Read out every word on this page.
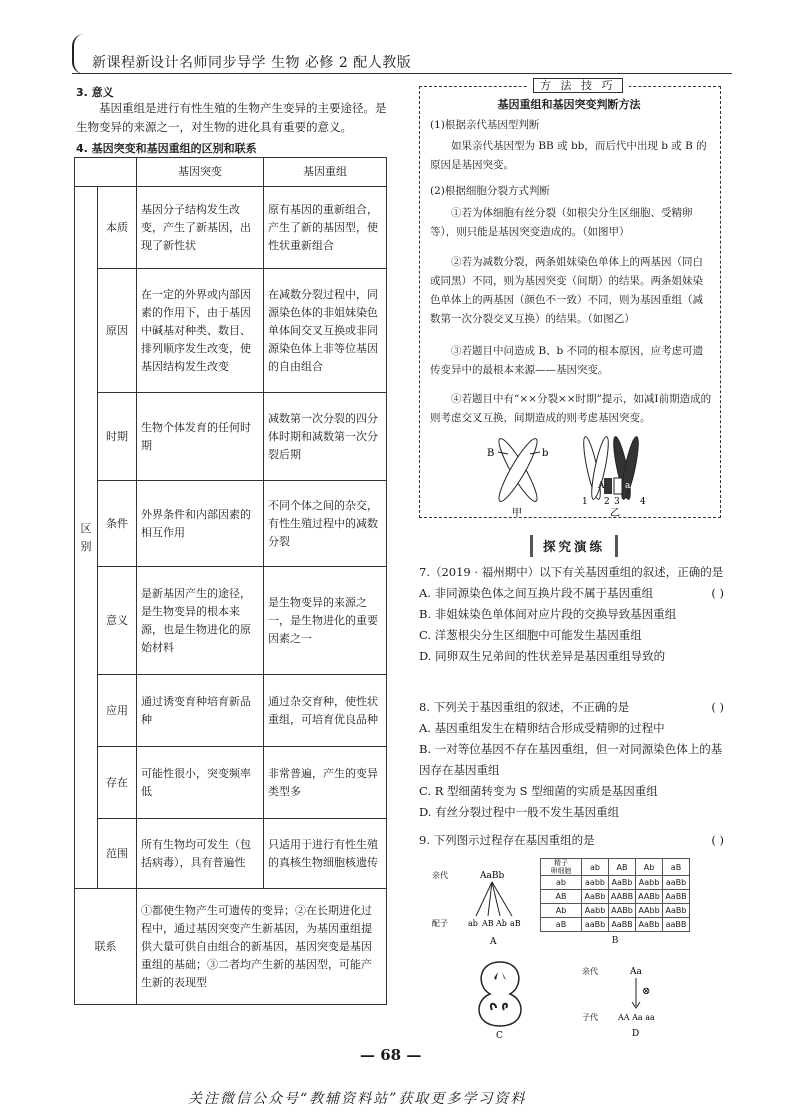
新课程新设计名师同步导学 生物 必修 2 配人教版
3. 意义
基因重组是进行有性生殖的生物产生变异的主要途径。是生物变异的来源之一，对生物的进化具有重要的意义。
4. 基因突变和基因重组的区别和联系
		基因突变	基因重组
区别	本质	基因分子结构发生改变，产生了新基因，出现了新性状	原有基因的重新组合，产生了新的基因型，使性状重新组合
	原因	在一定的外界或内部因素的作用下，由于基因中碱基对种类、数目、排列顺序发生改变，使基因结构发生改变	在减数分裂过程中，同源染色体的非姐妹染色单体间交叉互换或非同源染色体上非等位基因的自由组合
	时期	生物个体发育的任何时期	减数第一次分裂的四分体时期和减数第一次分裂后期
	条件	外界条件和内部因素的相互作用	不同个体之间的杂交，有性生殖过程中的减数分裂
	意义	是新基因产生的途径，是生物变异的根本来源，也是生物进化的原始材料	是生物变异的来源之一，是生物进化的重要因素之一
	应用	通过诱变育种培育新品种	通过杂交育种，使性状重组，可培育优良品种
	存在	可能性很小，突变频率低	非常普遍，产生的变异类型多
	范围	所有生物均可发生（包括病毒），具有普遍性	只适用于进行有性生殖的真核生物细胞核遗传
联系		①都使生物产生可遗传的变异；②在长期进化过程中，通过基因突变产生新基因，为基因重组提供大量可供自由组合的新基因，基因突变是基因重组的基础；③二者均产生新的基因型，可能产生新的表现型	
方 法 技 巧
基因重组和基因突变判断方法
(1)根据亲代基因型判断
如果亲代基因型为 BB 或 bb，而后代中出现 b 或 B 的原因是基因突变。
(2)根据细胞分裂方式判断
①若为体细胞有丝分裂（如根尖分生区细胞、受精卵等），则只能是基因突变造成的。（如图甲）
②若为减数分裂，两条姐妹染色单体上的两基因（同白或同黑）不同，则为基因突变（间期）的结果。两条姐妹染色单体上的两基因（颜色不一致）不同，则为基因重组（减数第一次分裂交叉互换）的结果。（如图乙）
③若题目中问造成 B、b 不同的根本原因，应考虑可遗传变异中的最根本来源——基因突变。
④若题目中有“××分裂××时期”提示，如减Ⅰ前期造成的则考虑交叉互换，间期造成的则考虑基因突变。
B	b
甲
A a
1 2 3 4
乙
探究演练
7.（2019 · 福州期中）以下有关基因重组的叙述，正确的是
( )
A. 非同源染色体之间互换片段不属于基因重组
B. 非姐妹染色单体间对应片段的交换导致基因重组
C. 洋葱根尖分生区细胞中可能发生基因重组
D. 同卵双生兄弟间的性状差异是基因重组导致的
8. 下列关于基因重组的叙述，不正确的是	( )
A. 基因重组发生在精卵结合形成受精卵的过程中
B. 一对等位基因不存在基因重组，但一对同源染色体上的基因存在基因重组
C. R 型细菌转变为 S 型细菌的实质是基因重组
D. 有丝分裂过程中一般不发生基因重组
9. 下列图示过程存在基因重组的是	( )
亲代	AaBb
配子	ab AB Ab aB
A
精子
卵细胞	ab	AB	Ab	aB
ab	aabb	AaBb	Aabb	aaBb
AB	AaBb	AABB	AABb	AaBB
Ab	Aabb	AABb	AAbb	AaBb
aB	aaBb	AaBB	AaBb	aaBB
B
C
亲代	Aa
⊗
子代	AA Aa aa
D
— 68 —
关注微信公众号“教辅资料站”获取更多学习资料
